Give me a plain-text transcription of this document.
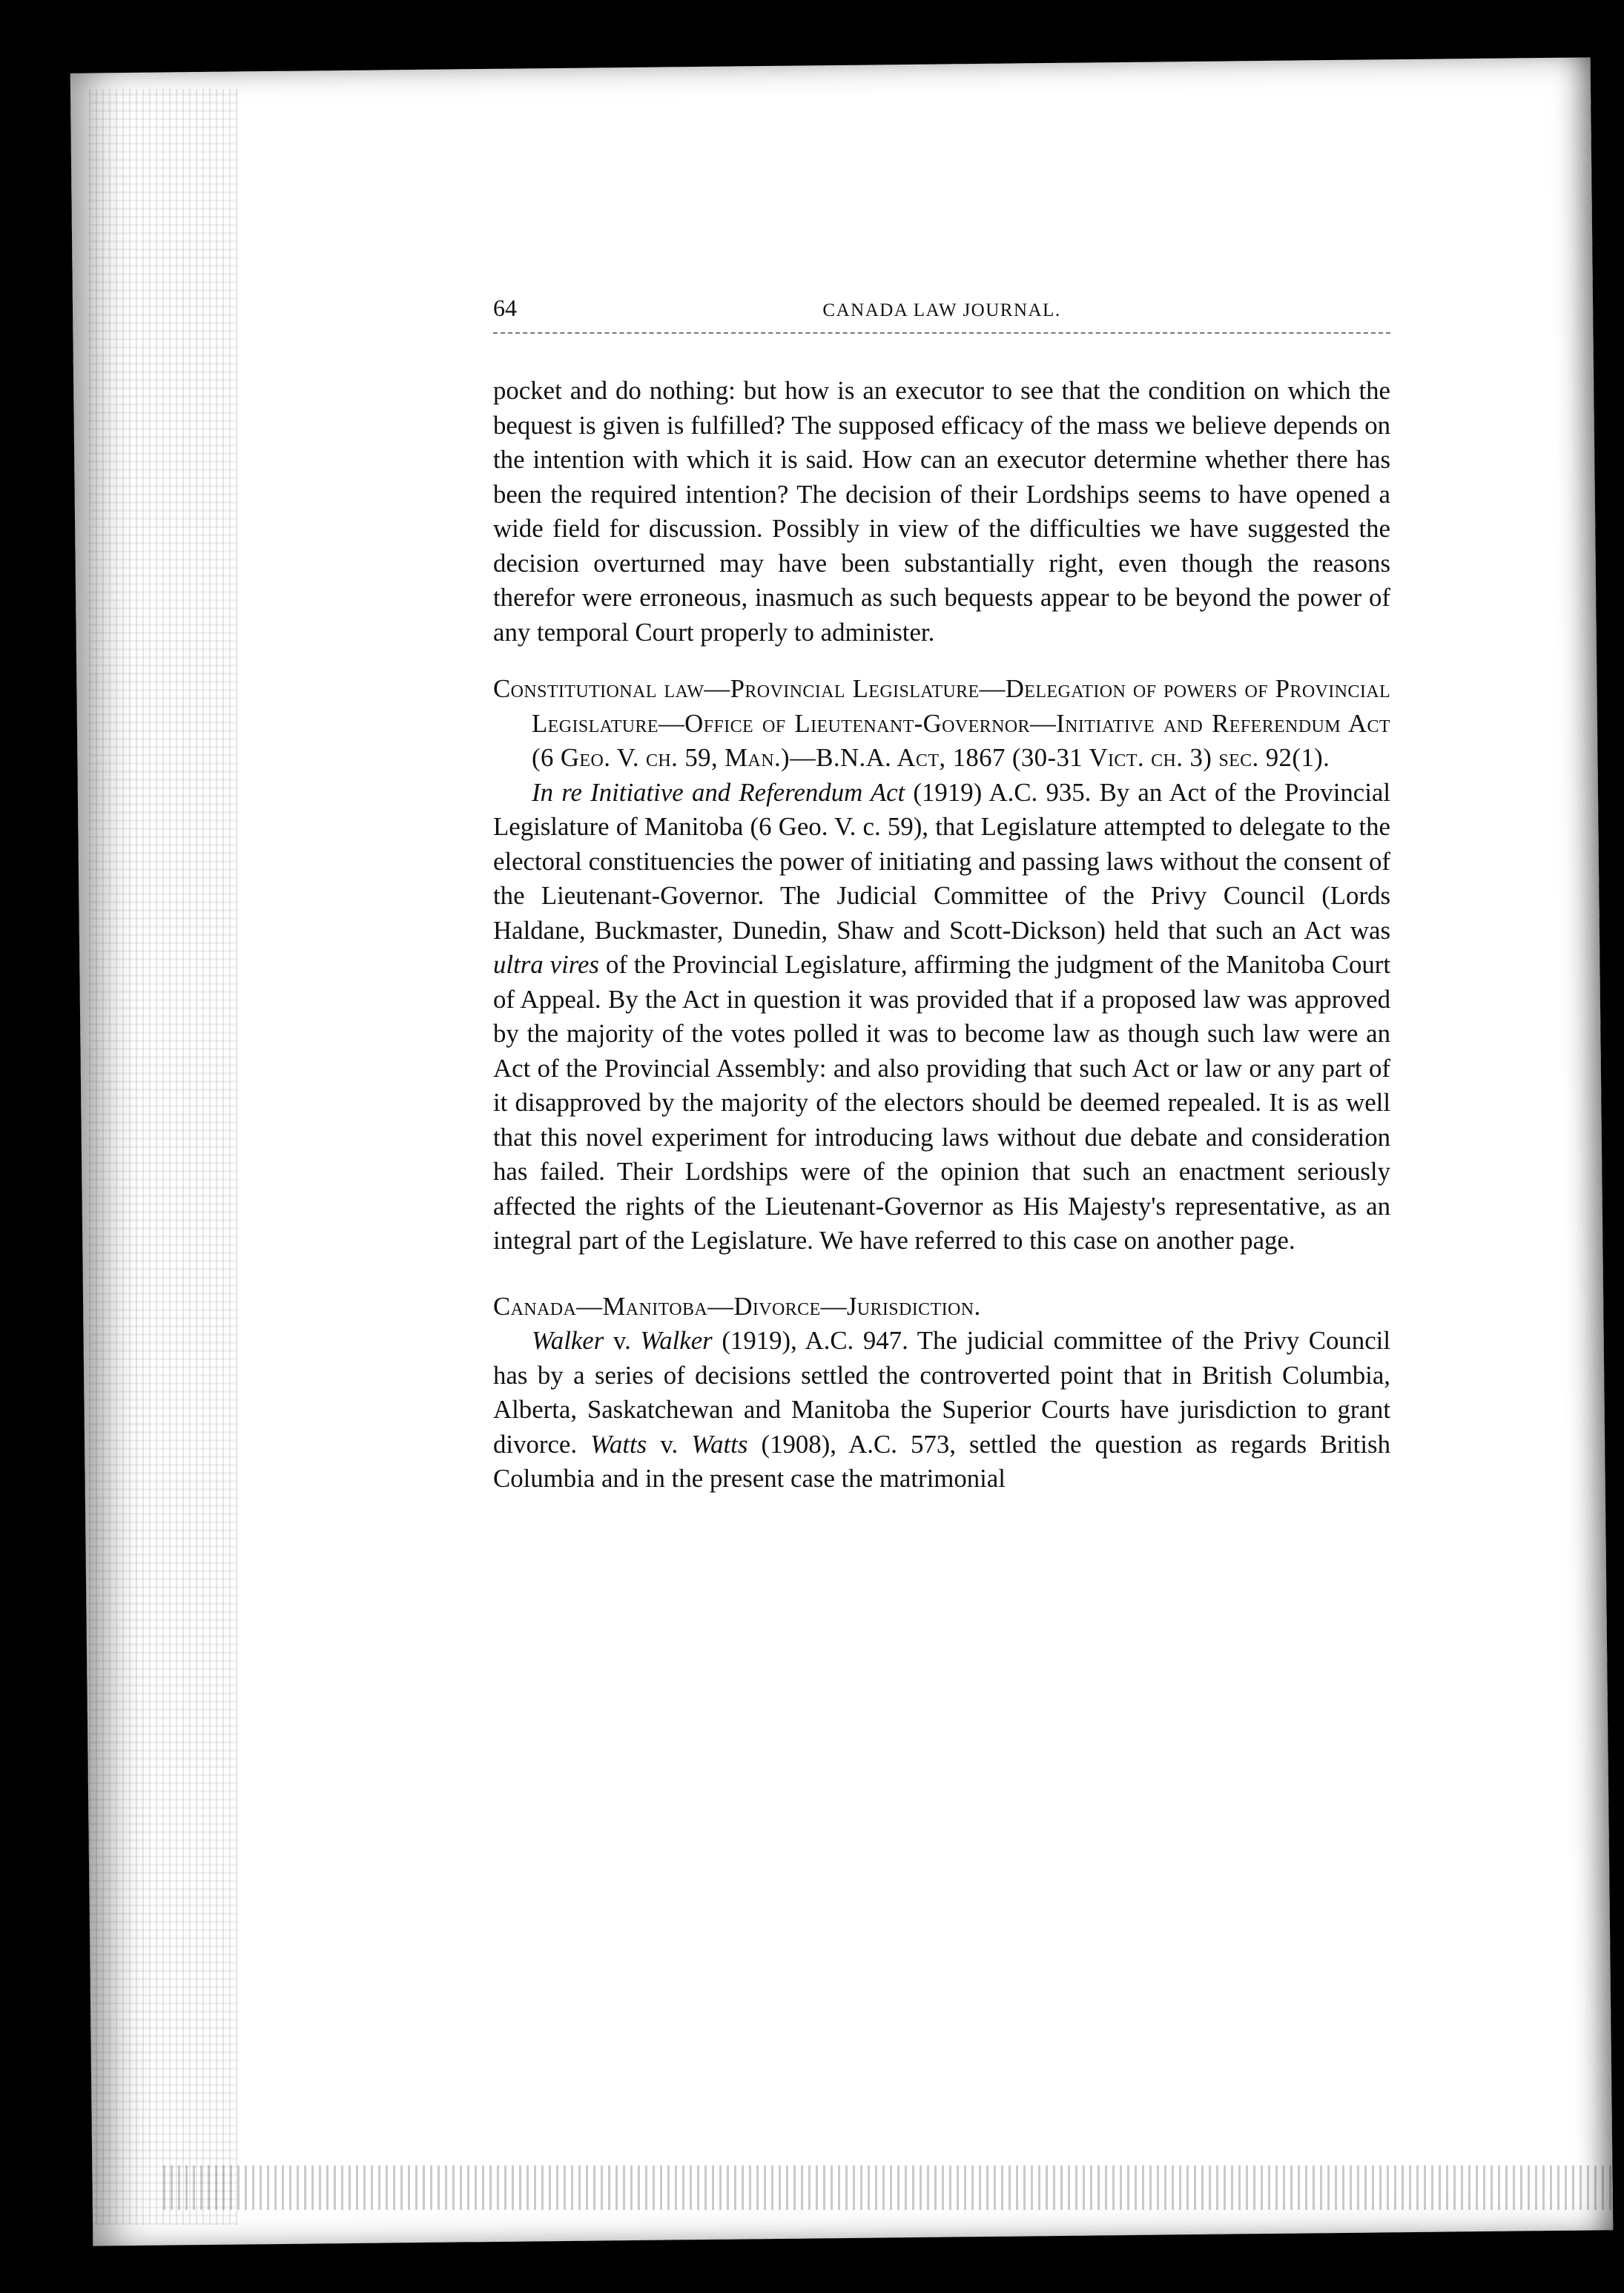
64	CANADA LAW JOURNAL.

pocket and do nothing: but how is an executor to see that the condition on which the bequest is given is fulfilled? The supposed efficacy of the mass we believe depends on the intention with which it is said. How can an executor determine whether there has been the required intention? The decision of their Lordships seems to have opened a wide field for discussion. Possibly in view of the difficulties we have suggested the decision overturned may have been substantially right, even though the reasons therefor were erroneous, inasmuch as such bequests appear to be beyond the power of any temporal Court properly to administer.

Constitutional law—Provincial Legislature—Delegation of powers of Provincial Legislature—Office of Lieutenant-Governor—Initiative and Referendum Act (6 Geo. V. ch. 59, Man.)—B.N.A. Act, 1867 (30-31 Vict. ch. 3) sec. 92(1).

In re Initiative and Referendum Act (1919) A.C. 935. By an Act of the Provincial Legislature of Manitoba (6 Geo. V. c. 59), that Legislature attempted to delegate to the electoral constituencies the power of initiating and passing laws without the consent of the Lieutenant-Governor. The Judicial Committee of the Privy Council (Lords Haldane, Buckmaster, Dunedin, Shaw and Scott-Dickson) held that such an Act was ultra vires of the Provincial Legislature, affirming the judgment of the Manitoba Court of Appeal. By the Act in question it was provided that if a proposed law was approved by the majority of the votes polled it was to become law as though such law were an Act of the Provincial Assembly: and also providing that such Act or law or any part of it disapproved by the majority of the electors should be deemed repealed. It is as well that this novel experiment for introducing laws without due debate and consideration has failed. Their Lordships were of the opinion that such an enactment seriously affected the rights of the Lieutenant-Governor as His Majesty's representative, as an integral part of the Legislature. We have referred to this case on another page.

Canada—Manitoba—Divorce—Jurisdiction.

Walker v. Walker (1919), A.C. 947. The judicial committee of the Privy Council has by a series of decisions settled the controverted point that in British Columbia, Alberta, Saskatchewan and Manitoba the Superior Courts have jurisdiction to grant divorce. Watts v. Watts (1908), A.C. 573, settled the question as regards British Columbia and in the present case the matrimonial
